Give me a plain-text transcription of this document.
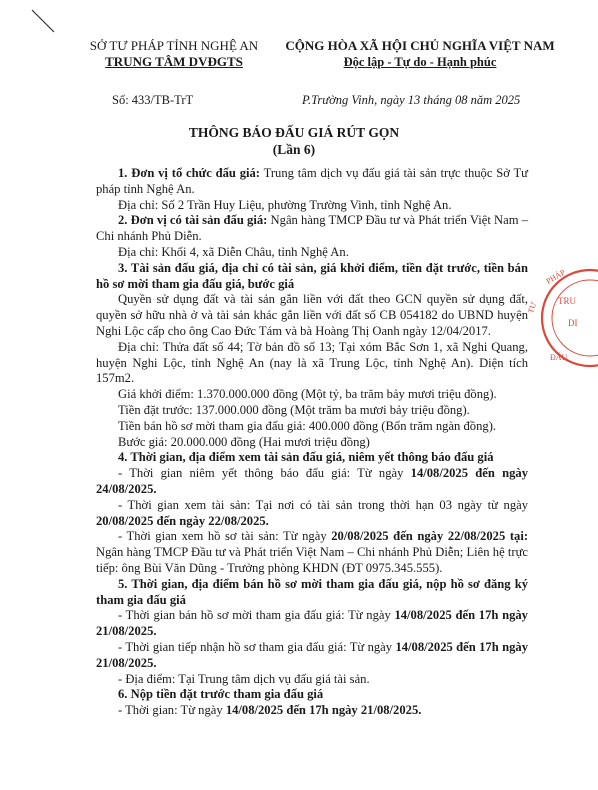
SỞ TƯ PHÁP TỈNH NGHỆ AN
TRUNG TÂM DVĐGTS
CỘNG HÒA XÃ HỘI CHỦ NGHĨA VIỆT NAM
Độc lập - Tự do - Hạnh phúc
Số: 433/TB-TrT	P.Trường Vinh, ngày 13 tháng 08 năm 2025
THÔNG BÁO ĐẤU GIÁ RÚT GỌN
(Lần 6)

1. Đơn vị tổ chức đấu giá: Trung tâm dịch vụ đấu giá tài sản trực thuộc Sở Tư pháp tỉnh Nghệ An.

Địa chỉ: Số 2 Trần Huy Liệu, phường Trường Vinh, tỉnh Nghệ An.

2. Đơn vị có tài sản đấu giá: Ngân hàng TMCP Đầu tư và Phát triển Việt Nam – Chi nhánh Phủ Diễn.

Địa chỉ: Khối 4, xã Diễn Châu, tỉnh Nghệ An.

3. Tài sản đấu giá, địa chỉ có tài sản, giá khởi điểm, tiền đặt trước, tiền bán hồ sơ mời tham gia đấu giá, bước giá

Quyền sử dụng đất và tài sản gắn liền với đất theo GCN quyền sử dụng đất, quyền sở hữu nhà ở và tài sản khác gắn liền với đất số CB 054182 do UBND huyện Nghi Lộc cấp cho ông Cao Đức Tám và bà Hoàng Thị Oanh ngày 12/04/2017.

Địa chỉ: Thửa đất số 44; Tờ bản đồ số 13; Tại xóm Bắc Sơn 1, xã Nghi Quang, huyện Nghi Lộc, tỉnh Nghệ An (nay là xã Trung Lộc, tỉnh Nghệ An). Diện tích 157m2.

Giá khởi điểm: 1.370.000.000 đồng (Một tỷ, ba trăm bảy mươi triệu đồng).

Tiền đặt trước: 137.000.000 đồng (Một trăm ba mươi bảy triệu đồng).

Tiền bán hồ sơ mời tham gia đấu giá: 400.000 đồng (Bốn trăm ngàn đồng).

Bước giá: 20.000.000 đồng (Hai mươi triệu đồng)

4. Thời gian, địa điểm xem tài sản đấu giá, niêm yết thông báo đấu giá

- Thời gian niêm yết thông báo đấu giá: Từ ngày 14/08/2025 đến ngày 24/08/2025.

- Thời gian xem tài sản: Tại nơi có tài sản trong thời hạn 03 ngày từ ngày 20/08/2025 đến ngày 22/08/2025.

- Thời gian xem hồ sơ tài sản: Từ ngày 20/08/2025 đến ngày 22/08/2025 tại: Ngân hàng TMCP Đầu tư và Phát triển Việt Nam – Chi nhánh Phủ Diễn; Liên hệ trực tiếp: ông Bùi Văn Dũng - Trưởng phòng KHDN (ĐT 0975.345.555).

5. Thời gian, địa điểm bán hồ sơ mời tham gia đấu giá, nộp hồ sơ đăng ký tham gia đấu giá

- Thời gian bán hồ sơ mời tham gia đấu giá: Từ ngày 14/08/2025 đến 17h ngày 21/08/2025.

- Thời gian tiếp nhận hồ sơ tham gia đấu giá: Từ ngày 14/08/2025 đến 17h ngày 21/08/2025.

- Địa điểm: Tại Trung tâm dịch vụ đấu giá tài sản.

6. Nộp tiền đặt trước tham gia đấu giá

- Thời gian: Từ ngày 14/08/2025 đến 17h ngày 21/08/2025.

PHÁP
TƯ TRU
DI
ĐẤU
